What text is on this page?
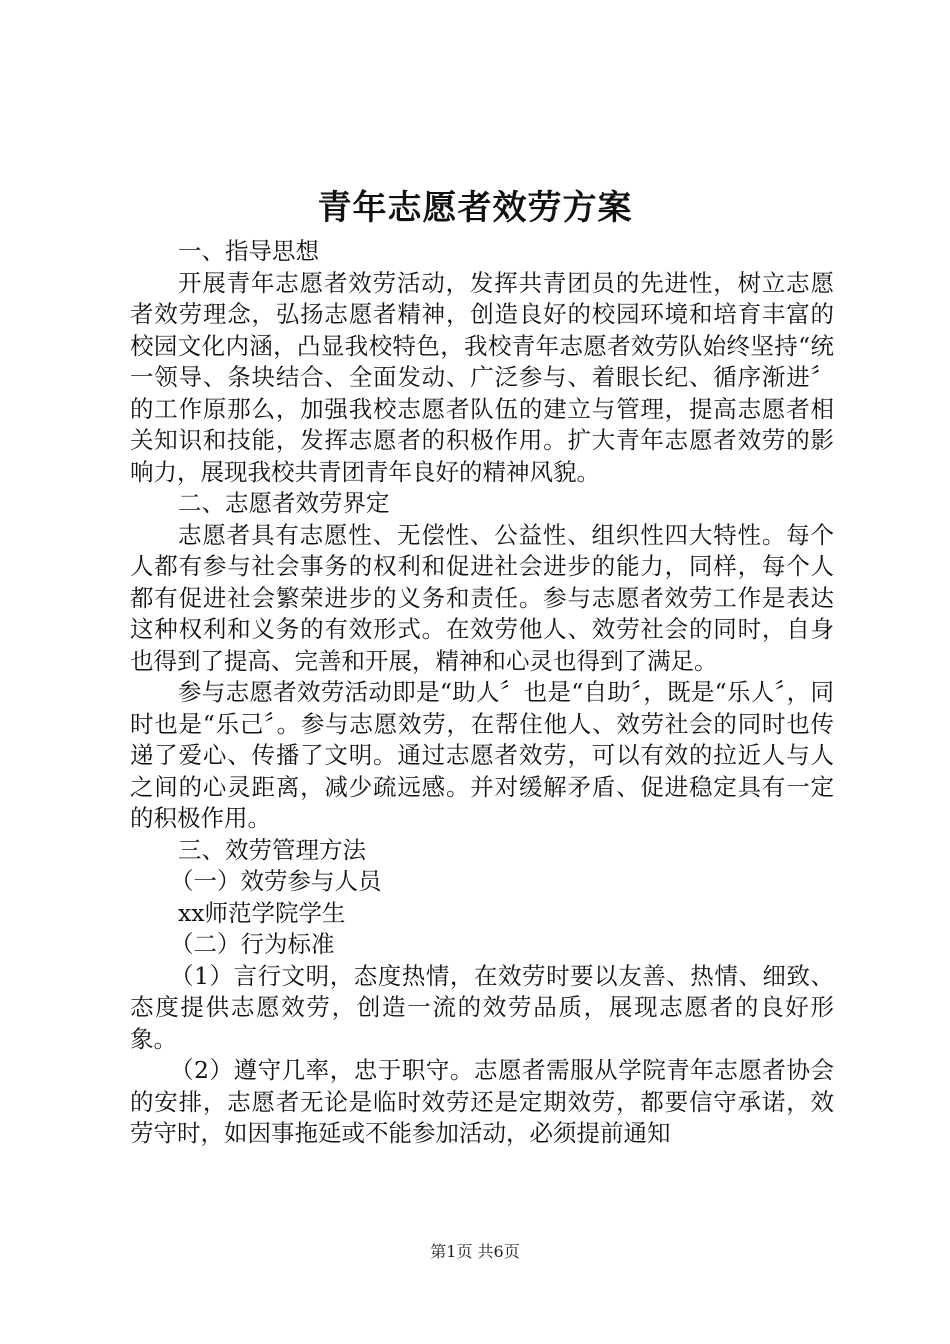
青年志愿者效劳方案

一、指导思想

开展青年志愿者效劳活动，发挥共青团员的先进性，树立志愿者效劳理念，弘扬志愿者精神，创造良好的校园环境和培育丰富的校园文化内涵，凸显我校特色，我校青年志愿者效劳队始终坚持“统一领导、条块结合、全面发动、广泛参与、着眼长纪、循序渐进〞的工作原那么，加强我校志愿者队伍的建立与管理，提高志愿者相关知识和技能，发挥志愿者的积极作用。扩大青年志愿者效劳的影响力，展现我校共青团青年良好的精神风貌。

二、志愿者效劳界定

志愿者具有志愿性、无偿性、公益性、组织性四大特性。每个人都有参与社会事务的权利和促进社会进步的能力，同样，每个人都有促进社会繁荣进步的义务和责任。参与志愿者效劳工作是表达这种权利和义务的有效形式。在效劳他人、效劳社会的同时，自身也得到了提高、完善和开展，精神和心灵也得到了满足。

参与志愿者效劳活动即是“助人〞也是“自助〞，既是“乐人〞，同时也是“乐己〞。参与志愿效劳，在帮住他人、效劳社会的同时也传递了爱心、传播了文明。通过志愿者效劳，可以有效的拉近人与人之间的心灵距离，减少疏远感。并对缓解矛盾、促进稳定具有一定的积极作用。

三、效劳管理方法

（一）效劳参与人员

xx师范学院学生

（二）行为标准

（1）言行文明，态度热情，在效劳时要以友善、热情、细致、态度提供志愿效劳，创造一流的效劳品质，展现志愿者的良好形象。

（2）遵守几率，忠于职守。志愿者需服从学院青年志愿者协会的安排，志愿者无论是临时效劳还是定期效劳，都要信守承诺，效劳守时，如因事拖延或不能参加活动，必须提前通知

第1页 共6页
